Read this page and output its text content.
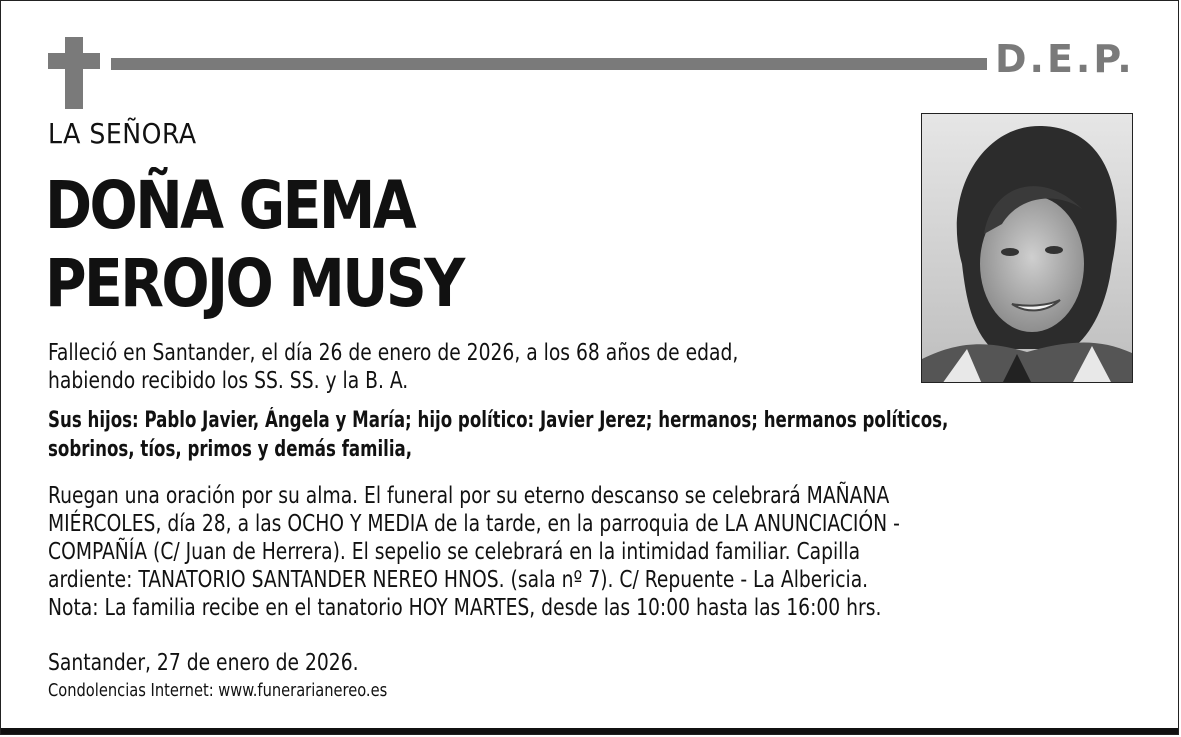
D.E.P.
LA SEÑORA
DOÑA GEMA
PEROJO MUSY
Falleció en Santander, el día 26 de enero de 2026, a los 68 años de edad,
habiendo recibido los SS. SS. y la B. A.
Sus hijos: Pablo Javier, Ángela y María; hijo político: Javier Jerez; hermanos; hermanos políticos,
sobrinos, tíos, primos y demás familia,
Ruegan una oración por su alma. El funeral por su eterno descanso se celebrará MAÑANA
MIÉRCOLES, día 28, a las OCHO Y MEDIA de la tarde, en la parroquia de LA ANUNCIACIÓN -
COMPAÑÍA (C/ Juan de Herrera). El sepelio se celebrará en la intimidad familiar. Capilla
ardiente: TANATORIO SANTANDER NEREO HNOS. (sala nº 7). C/ Repuente - La Albericia.
Nota: La familia recibe en el tanatorio HOY MARTES, desde las 10:00 hasta las 16:00 hrs.
Santander, 27 de enero de 2026.
Condolencias Internet: www.funerarianereo.es
